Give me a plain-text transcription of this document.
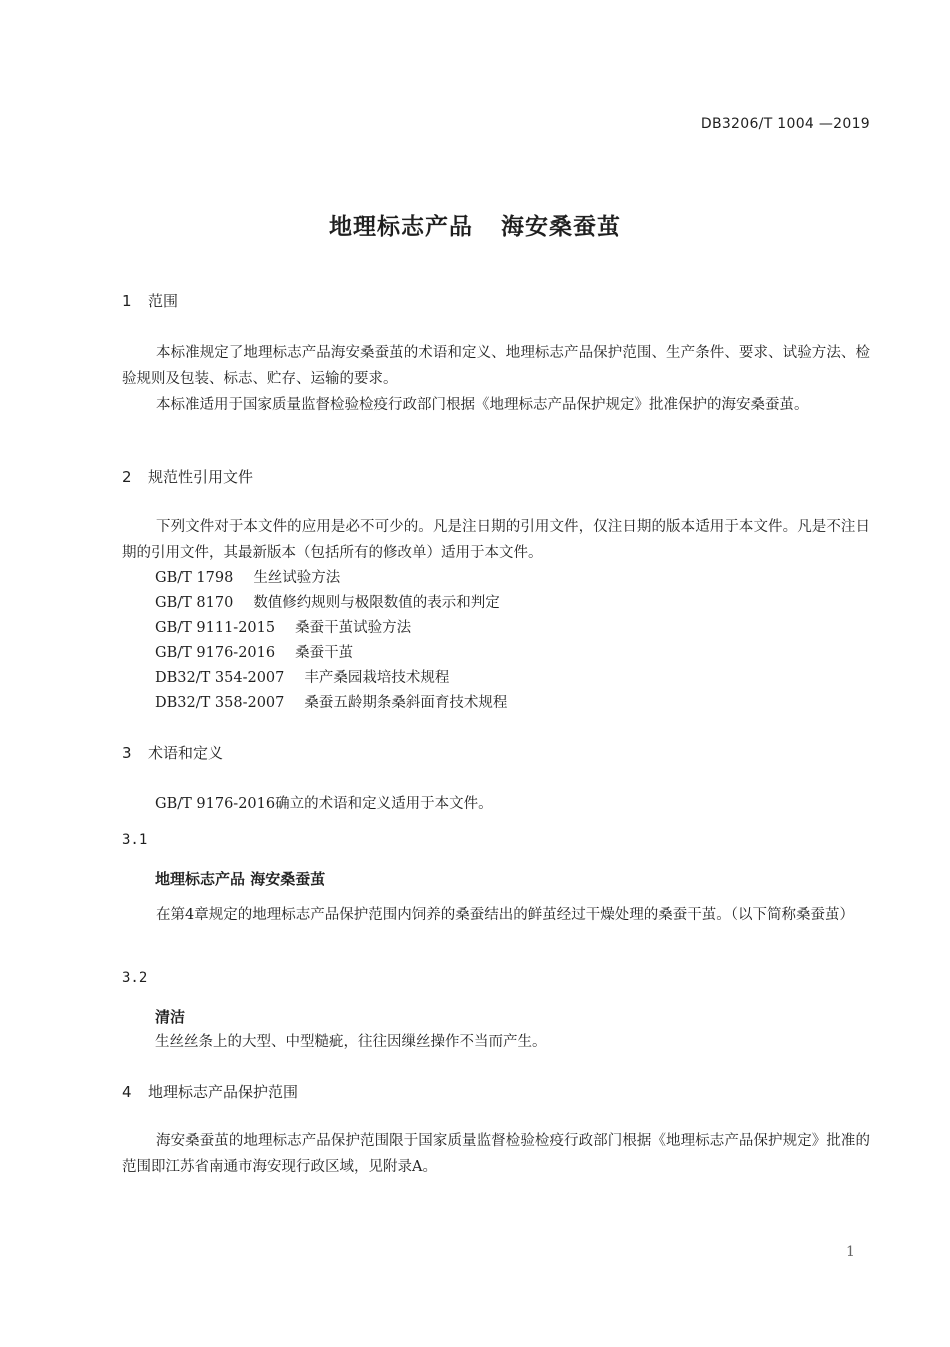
DB3206/T 1004 —2019
地理标志产品 海安桑蚕茧
1 范围
本标准规定了地理标志产品海安桑蚕茧的术语和定义、地理标志产品保护范围、生产条件、要求、试验方法、检验规则及包装、标志、贮存、运输的要求。
本标准适用于国家质量监督检验检疫行政部门根据《地理标志产品保护规定》批准保护的海安桑蚕茧。
2 规范性引用文件
下列文件对于本文件的应用是必不可少的。凡是注日期的引用文件，仅注日期的版本适用于本文件。凡是不注日期的引用文件，其最新版本（包括所有的修改单）适用于本文件。
GB/T 1798 生丝试验方法
GB/T 8170 数值修约规则与极限数值的表示和判定
GB/T 9111-2015 桑蚕干茧试验方法
GB/T 9176-2016 桑蚕干茧
DB32/T 354-2007 丰产桑园栽培技术规程
DB32/T 358-2007 桑蚕五龄期条桑斜面育技术规程
3 术语和定义
GB/T 9176-2016确立的术语和定义适用于本文件。
3.1
地理标志产品 海安桑蚕茧
在第4章规定的地理标志产品保护范围内饲养的桑蚕结出的鲜茧经过干燥处理的桑蚕干茧。（以下简称桑蚕茧）
3.2
清洁
生丝丝条上的大型、中型糙疵，往往因缫丝操作不当而产生。
4 地理标志产品保护范围
海安桑蚕茧的地理标志产品保护范围限于国家质量监督检验检疫行政部门根据《地理标志产品保护规定》批准的范围即江苏省南通市海安现行政区域，见附录A。
1
